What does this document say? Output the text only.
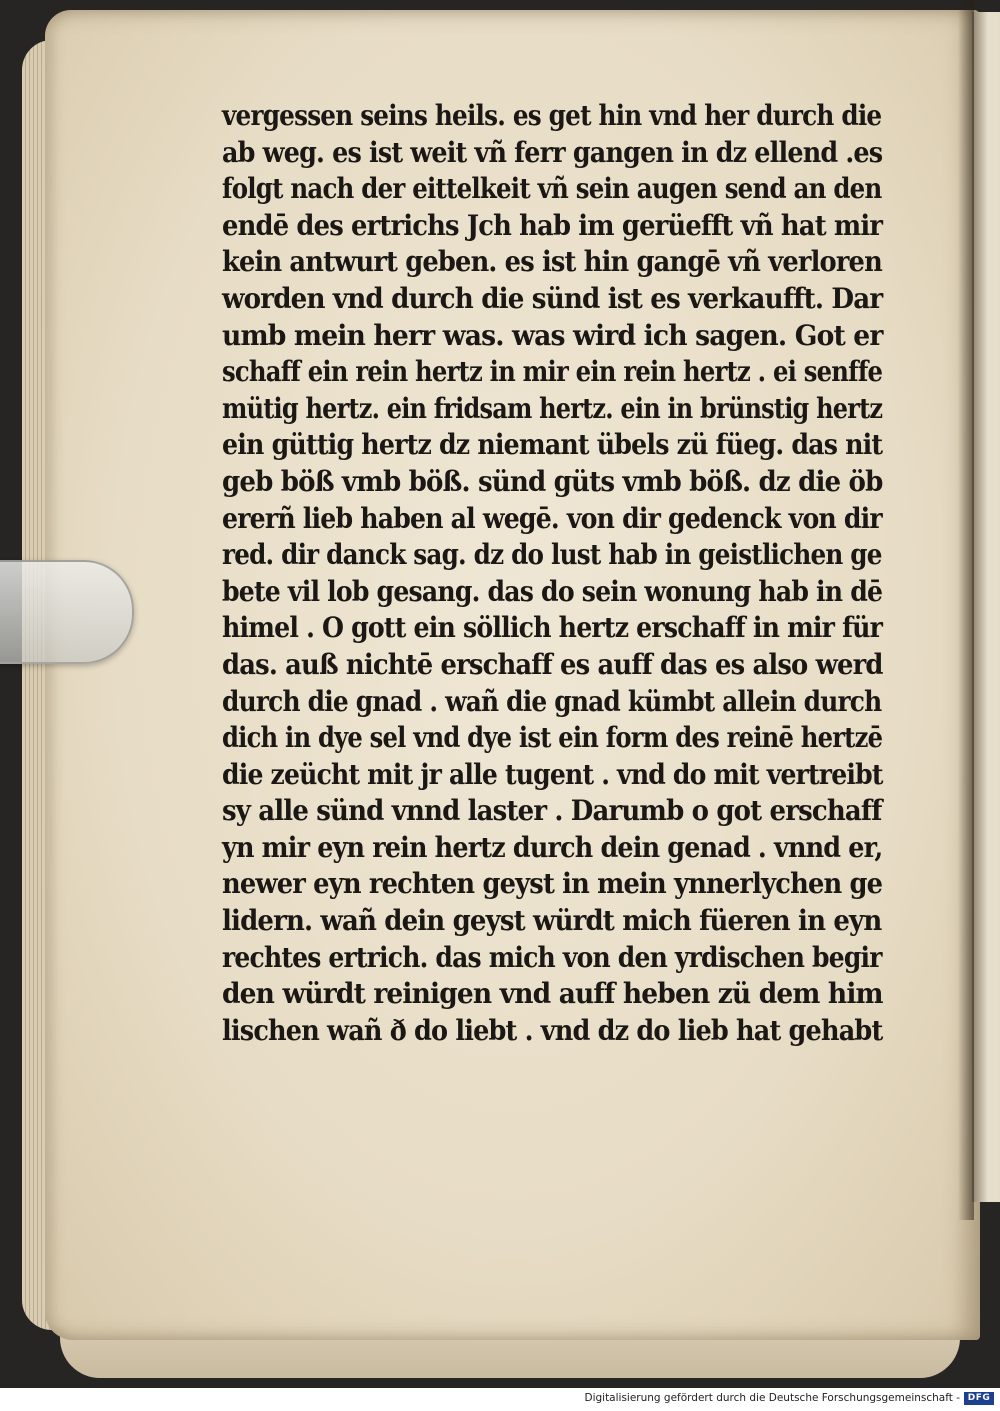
vergessen seins heils. es get hin vnd her durch die
ab weg. es ist weit vñ ferr gangen in dz ellend .es
folgt nach der eittelkeit vñ sein augen send an den
endē des ertrichs Jch hab im gerüefft vñ hat mir
kein antwurt geben. es ist hin gangē vñ verloren
worden vnd durch die sünd ist es verkaufft. Dar
umb mein herr was. was wird ich sagen. Got er
schaff ein rein hertz in mir ein rein hertz . ei senffe
mütig hertz. ein fridsam hertz. ein in brünstig hertz
ein güttig hertz dz niemant übels zü füeg. das nit
geb böß vmb böß. sünd güts vmb böß. dz die öb
ererñ lieb haben al wegē. von dir gedenck von dir
red. dir danck sag. dz do lust hab in geistlichen ge
bete vil lob gesang. das do sein wonung hab in dē
himel . O gott ein söllich hertz erschaff in mir für
das. auß nichtē erschaff es auff das es also werd
durch die gnad . wañ die gnad kümbt allein durch
dich in dye sel vnd dye ist ein form des reinē hertzē
die zeücht mit jr alle tugent . vnd do mit vertreibt
sy alle sünd vnnd laster . Darumb o got erschaff
yn mir eyn rein hertz durch dein genad . vnnd er,
newer eyn rechten geyst in mein ynnerlychen ge
lidern. wañ dein geyst würdt mich füeren in eyn
rechtes ertrich. das mich von den yrdischen begir
den würdt reinigen vnd auff heben zü dem him
lischen wañ ð do liebt . vnd dz do lieb hat gehabt
Digitalisierung gefördert durch die Deutsche Forschungsgemeinschaft - DFG
